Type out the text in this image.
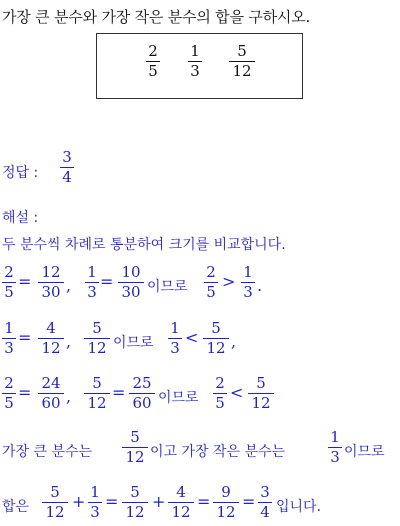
가장 큰 분수와 가장 작은 분수의 합을 구하시오.
2
5
1
3
5
12
정답 :
3
4
해설 :
두 분수씩 차례로 통분하여 크기를 비교합니다.
2
5
= 12
30 ,
1
3
= 10
30 이므로
2
5
> 1
3 .
1
3
= 4
12 ,
5
12 이므로
1
3
< 5
12 ,
2
5
= 24
60 ,
5
12
= 25
60 이므로
2
5
< 5
12
가장 큰 분수는
5
12 이고 가장 작은 분수는
1
3 이므로
합은
5
12
+ 1
3
= 5
12
+ 4
12
= 9
12
= 3
4 입니다.
